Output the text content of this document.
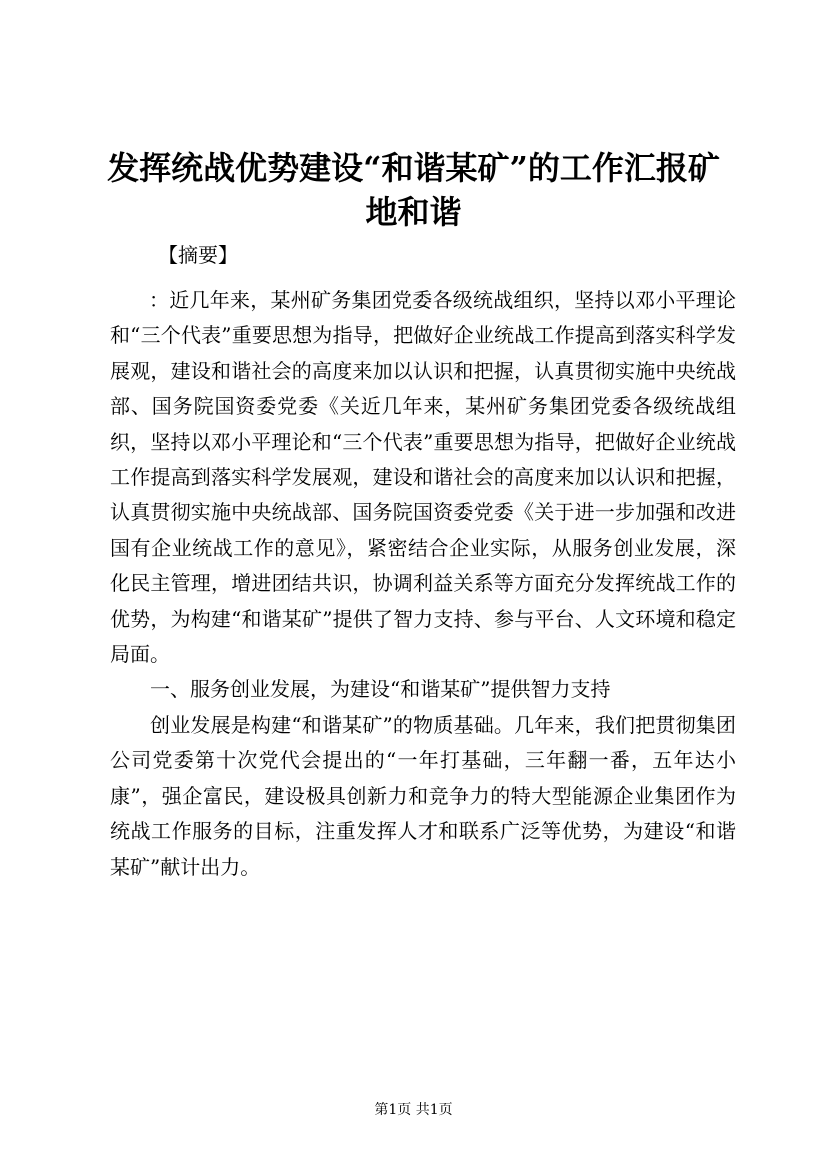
发挥统战优势建设“和谐某矿”的工作汇报矿地和谐
【摘要】

：近几年来，某州矿务集团党委各级统战组织，坚持以邓小平理论和“三个代表”重要思想为指导，把做好企业统战工作提高到落实科学发展观，建设和谐社会的高度来加以认识和把握，认真贯彻实施中央统战部、国务院国资委党委《关近几年来，某州矿务集团党委各级统战组织，坚持以邓小平理论和“三个代表”重要思想为指导，把做好企业统战工作提高到落实科学发展观，建设和谐社会的高度来加以认识和把握，认真贯彻实施中央统战部、国务院国资委党委《关于进一步加强和改进国有企业统战工作的意见》，紧密结合企业实际，从服务创业发展，深化民主管理，增进团结共识，协调利益关系等方面充分发挥统战工作的优势，为构建“和谐某矿”提供了智力支持、参与平台、人文环境和稳定局面。

一、服务创业发展，为建设“和谐某矿”提供智力支持

创业发展是构建“和谐某矿”的物质基础。几年来，我们把贯彻集团公司党委第十次党代会提出的“一年打基础，三年翻一番，五年达小康”，强企富民，建设极具创新力和竞争力的特大型能源企业集团作为统战工作服务的目标，注重发挥人才和联系广泛等优势，为建设“和谐某矿”献计出力。

第1页 共1页
